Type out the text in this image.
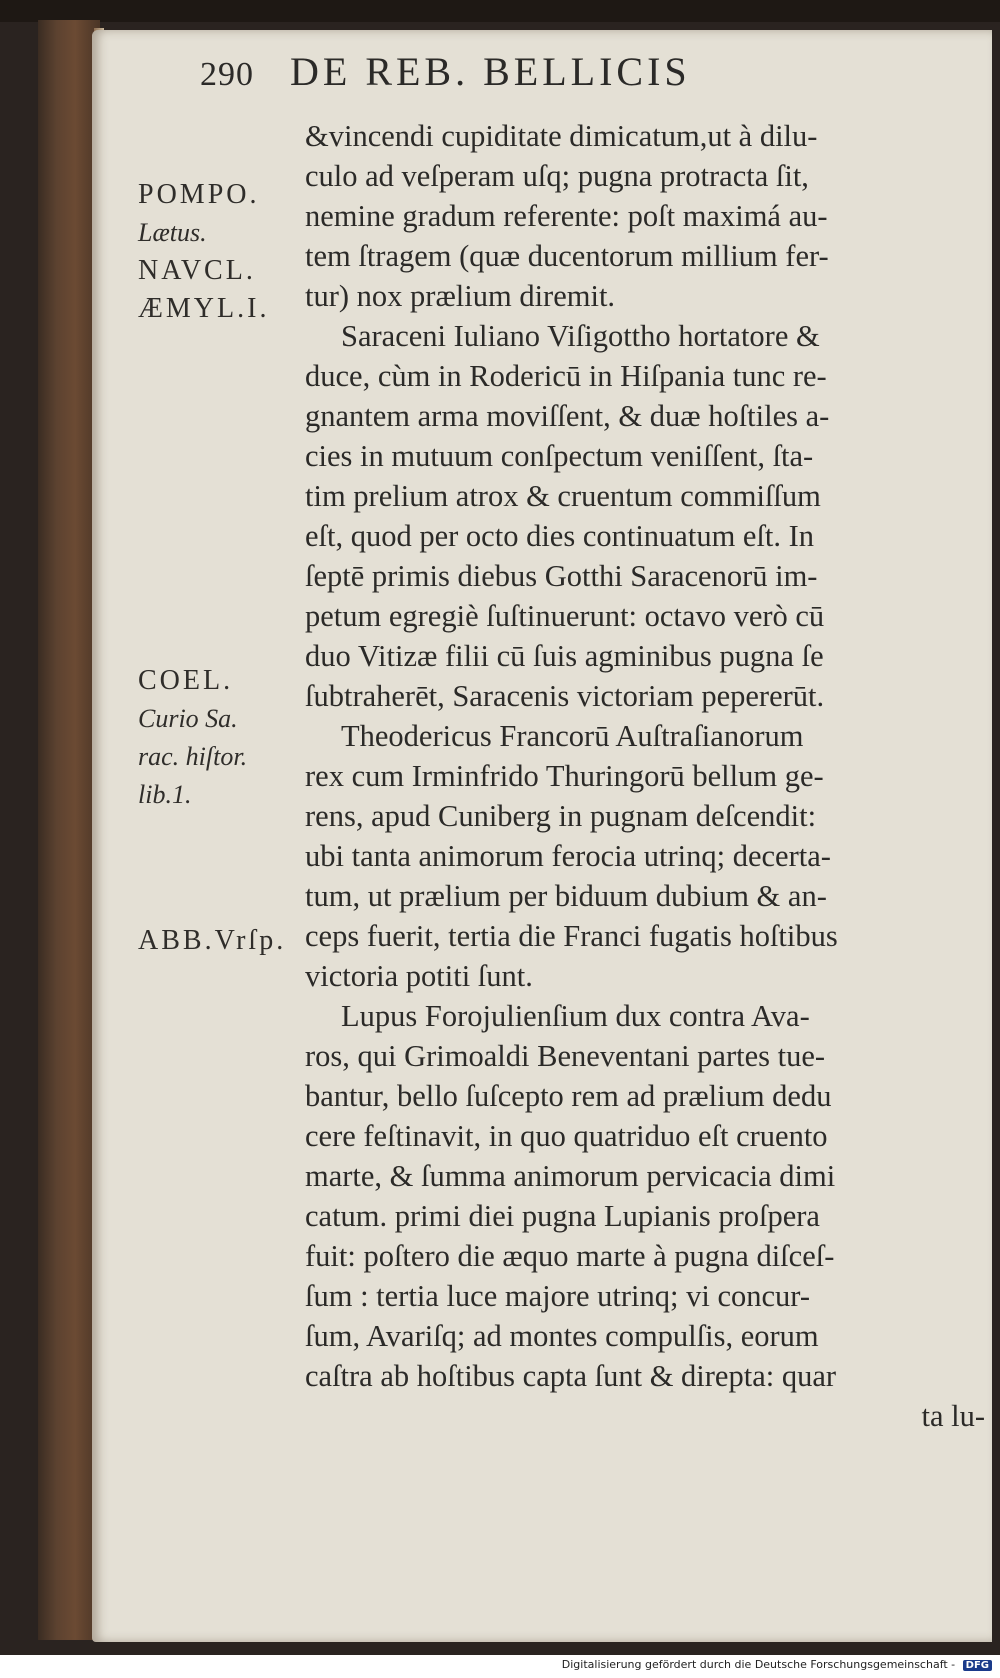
290 DE REB. BELLICIS
&vincendi cupiditate dimicatum,ut à dilu-
culo ad veſperam uſq; pugna protracta ſit,
nemine gradum referente: poſt maximá au-
tem ſtragem (quæ ducentorum millium fer-
tur) nox prælium diremit.
Saraceni Iuliano Viſigottho hortatore &
duce, cùm in Rodericū in Hiſpania tunc re-
gnantem arma moviſſent, & duæ hoſtiles a-
cies in mutuum conſpectum veniſſent, ſta-
tim prelium atrox & cruentum commiſſum
eſt, quod per octo dies continuatum eſt. In
ſeptē primis diebus Gotthi Saracenorū im-
petum egregiè ſuſtinuerunt: octavo verò cū
duo Vitizæ filii cū ſuis agminibus pugna ſe
ſubtraherēt, Saracenis victoriam pepererūt.
Theodericus Francorū Auſtraſianorum
rex cum Irminfrido Thuringorū bellum ge-
rens, apud Cuniberg in pugnam deſcendit:
ubi tanta animorum ferocia utrinq; decerta-
tum, ut prælium per biduum dubium & an-
ceps fuerit, tertia die Franci fugatis hoſtibus
victoria potiti ſunt.
Lupus Forojulienſium dux contra Ava-
ros, qui Grimoaldi Beneventani partes tue-
bantur, bello ſuſcepto rem ad prælium dedu
cere feſtinavit, in quo quatriduo eſt cruento
marte, & ſumma animorum pervicacia dimi
catum. primi diei pugna Lupianis proſpera
fuit: poſtero die æquo marte à pugna diſceſ-
ſum : tertia luce majore utrinq; vi concur-
ſum, Avariſq; ad montes compulſis, eorum
caſtra ab hoſtibus capta ſunt & direpta: quar
ta lu-
POMPO.
Lætus.
NAVCL.
ÆMYL.I.
COEL.
Curio Sa.
rac. hiſtor.
lib.1.
ABB.Vrſp.
Digitalisierung gefördert durch die Deutsche Forschungsgemeinschaft - DFG
